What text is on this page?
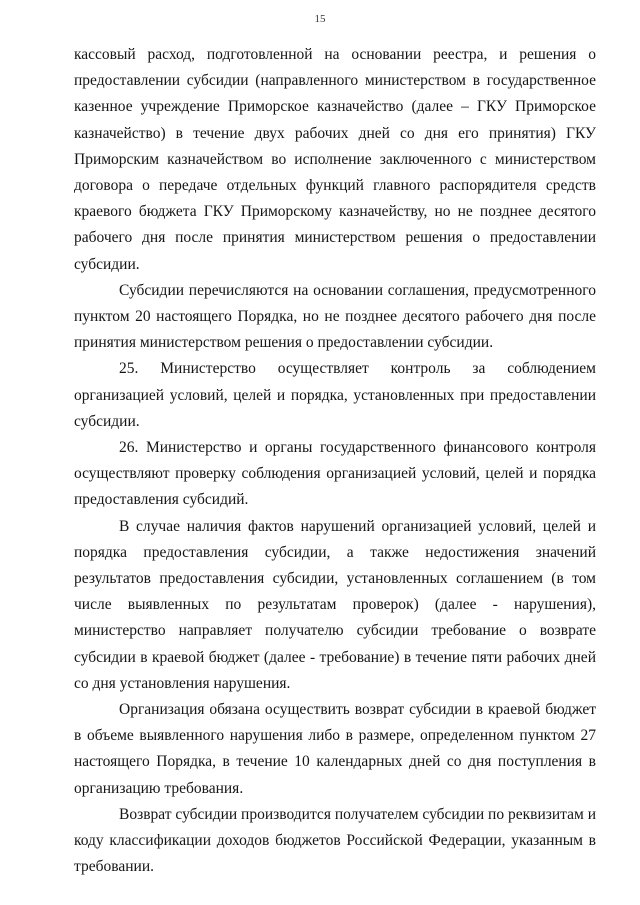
15

кассовый расход, подготовленной на основании реестра, и решения о предоставлении субсидии (направленного министерством в государственное казенное учреждение Приморское казначейство (далее – ГКУ Приморское казначейство) в течение двух рабочих дней со дня его принятия) ГКУ Приморским казначейством во исполнение заключенного с министерством договора о передаче отдельных функций главного распорядителя средств краевого бюджета ГКУ Приморскому казначейству, но не позднее десятого рабочего дня после принятия министерством решения о предоставлении субсидии.

Субсидии перечисляются на основании соглашения, предусмотренного пунктом 20 настоящего Порядка, но не позднее десятого рабочего дня после принятия министерством решения о предоставлении субсидии.

25. Министерство осуществляет контроль за соблюдением организацией условий, целей и порядка, установленных при предоставлении субсидии.

26. Министерство и органы государственного финансового контроля осуществляют проверку соблюдения организацией условий, целей и порядка предоставления субсидий.

В случае наличия фактов нарушений организацией условий, целей и порядка предоставления субсидии, а также недостижения значений результатов предоставления субсидии, установленных соглашением (в том числе выявленных по результатам проверок) (далее - нарушения), министерство направляет получателю субсидии требование о возврате субсидии в краевой бюджет (далее - требование) в течение пяти рабочих дней со дня установления нарушения.

Организация обязана осуществить возврат субсидии в краевой бюджет в объеме выявленного нарушения либо в размере, определенном пунктом 27 настоящего Порядка, в течение 10 календарных дней со дня поступления в организацию требования.

Возврат субсидии производится получателем субсидии по реквизитам и коду классификации доходов бюджетов Российской Федерации, указанным в требовании.
